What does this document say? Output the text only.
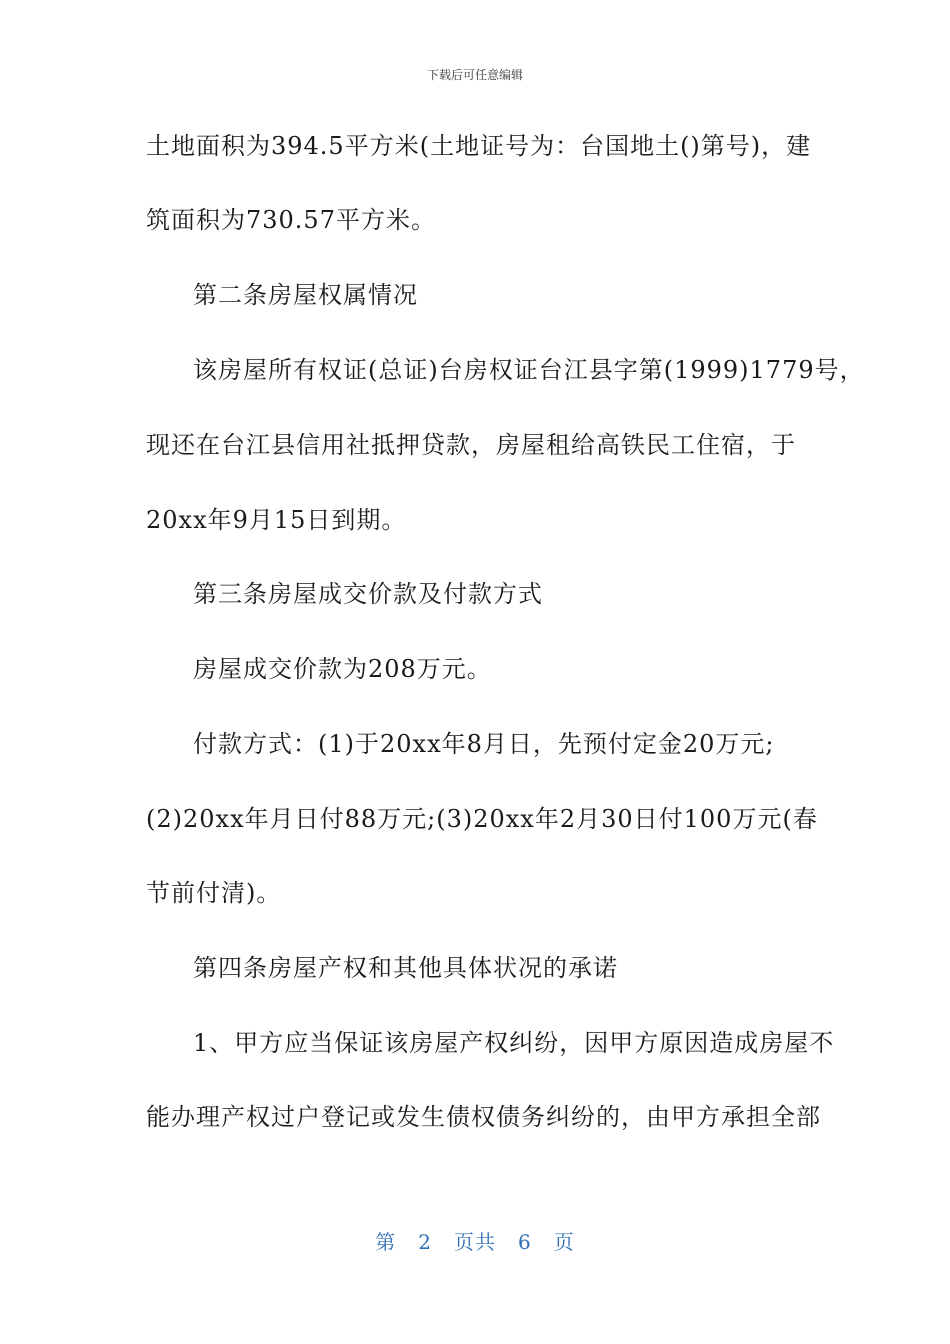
下载后可任意编辑
土地面积为394.5平方米(土地证号为：台国地土()第号)，建
筑面积为730.57平方米。
第二条房屋权属情况
该房屋所有权证(总证)台房权证台江县字第(1999)1779号，
现还在台江县信用社抵押贷款，房屋租给高铁民工住宿，于
20xx年9月15日到期。
第三条房屋成交价款及付款方式
房屋成交价款为208万元。
付款方式：(1)于20xx年8月日，先预付定金20万元;
(2)20xx年月日付88万元;(3)20xx年2月30日付100万元(春
节前付清)。
第四条房屋产权和其他具体状况的承诺
1、甲方应当保证该房屋产权纠纷，因甲方原因造成房屋不
能办理产权过户登记或发生债权债务纠纷的，由甲方承担全部
第 2 页共 6 页
